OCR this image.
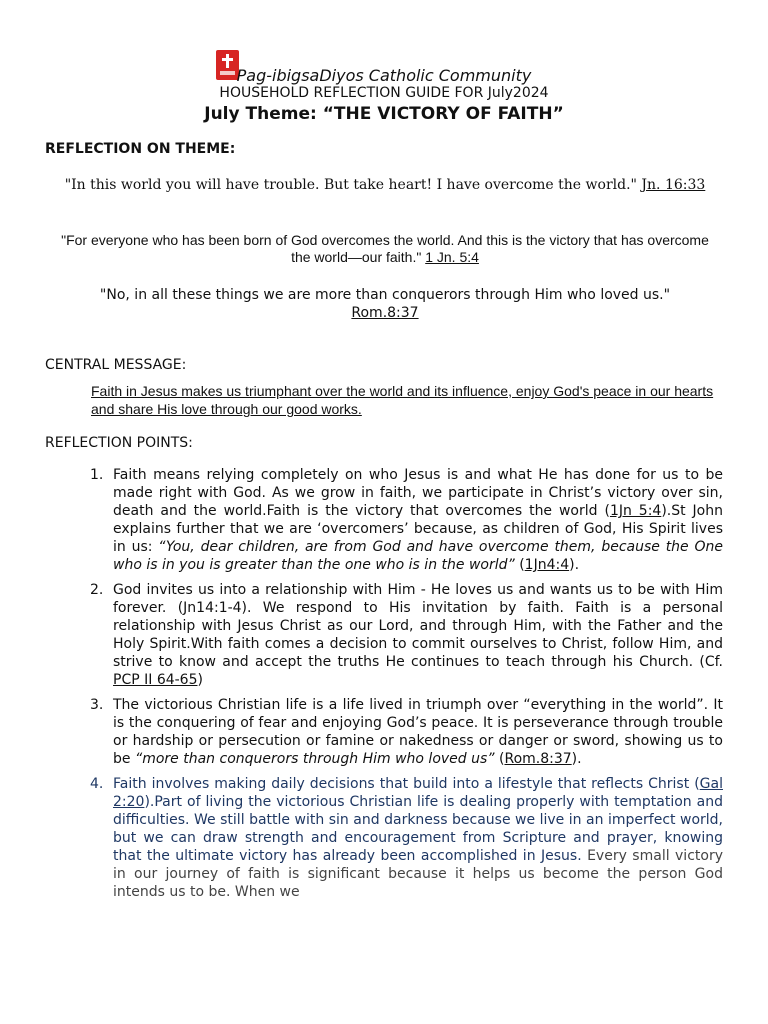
Pag-ibigsaDiyos Catholic Community
HOUSEHOLD REFLECTION GUIDE FOR July2024
July Theme: “THE VICTORY OF FAITH”
REFLECTION ON THEME:
"In this world you will have trouble. But take heart! I have overcome the world." Jn. 16:33
"For everyone who has been born of God overcomes the world. And this is the victory that has overcome the world—our faith." 1 Jn. 5:4
"No, in all these things we are more than conquerors through Him who loved us."
Rom.8:37
CENTRAL MESSAGE:
Faith in Jesus makes us triumphant over the world and its influence, enjoy God's peace in our hearts and share His love through our good works.
REFLECTION POINTS:
1. Faith means relying completely on who Jesus is and what He has done for us to be made right with God. As we grow in faith, we participate in Christ’s victory over sin, death and the world.Faith is the victory that overcomes the world (1Jn 5:4).St John explains further that we are ‘overcomers’ because, as children of God, His Spirit lives in us: “You, dear children, are from God and have overcome them, because the One who is in you is greater than the one who is in the world” (1Jn4:4).
2. God invites us into a relationship with Him - He loves us and wants us to be with Him forever. (Jn14:1-4). We respond to His invitation by faith. Faith is a personal relationship with Jesus Christ as our Lord, and through Him, with the Father and the Holy Spirit.With faith comes a decision to commit ourselves to Christ, follow Him, and strive to know and accept the truths He continues to teach through his Church. (Cf. PCP II 64-65)
3. The victorious Christian life is a life lived in triumph over “everything in the world”. It is the conquering of fear and enjoying God’s peace. It is perseverance through trouble or hardship or persecution or famine or nakedness or danger or sword, showing us to be “more than conquerors through Him who loved us” (Rom.8:37).
4. Faith involves making daily decisions that build into a lifestyle that reflects Christ (Gal 2:20).Part of living the victorious Christian life is dealing properly with temptation and difficulties. We still battle with sin and darkness because we live in an imperfect world, but we can draw strength and encouragement from Scripture and prayer, knowing that the ultimate victory has already been accomplished in Jesus. Every small victory in our journey of faith is significant because it helps us become the person God intends us to be. When we
